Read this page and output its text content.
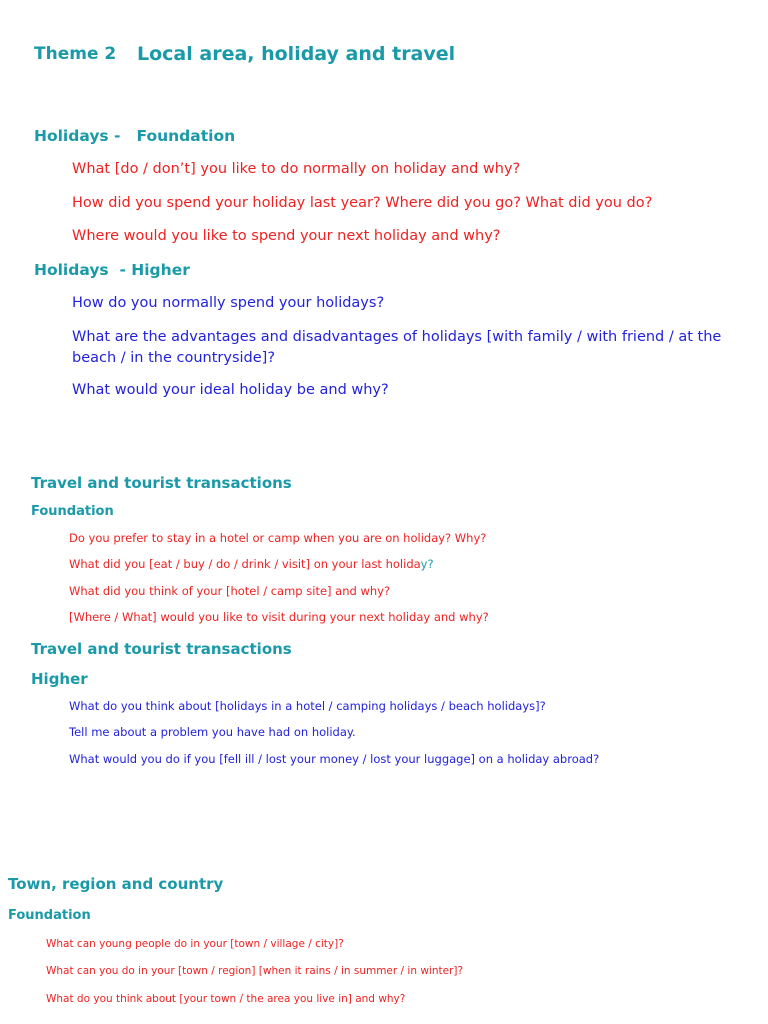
Theme 2 Local area, holiday and travel
Holidays - Foundation
What [do / don’t] you like to do normally on holiday and why?
How did you spend your holiday last year? Where did you go? What did you do?
Where would you like to spend your next holiday and why?
Holidays  - Higher
How do you normally spend your holidays?
What are the advantages and disadvantages of holidays [with family / with friend / at the beach / in the countryside]?
What would your ideal holiday be and why?
Travel and tourist transactions
Foundation
Do you prefer to stay in a hotel or camp when you are on holiday? Why?
What did you [eat / buy / do / drink / visit] on your last holiday?
What did you think of your [hotel / camp site] and why?
[Where / What] would you like to visit during your next holiday and why?
Travel and tourist transactions
Higher
What do you think about [holidays in a hotel / camping holidays / beach holidays]?
Tell me about a problem you have had on holiday.
What would you do if you [fell ill / lost your money / lost your luggage] on a holiday abroad?
Town, region and country
Foundation
What can young people do in your [town / village / city]?
What can you do in your [town / region] [when it rains / in summer / in winter]?
What do you think about [your town / the area you live in] and why?
